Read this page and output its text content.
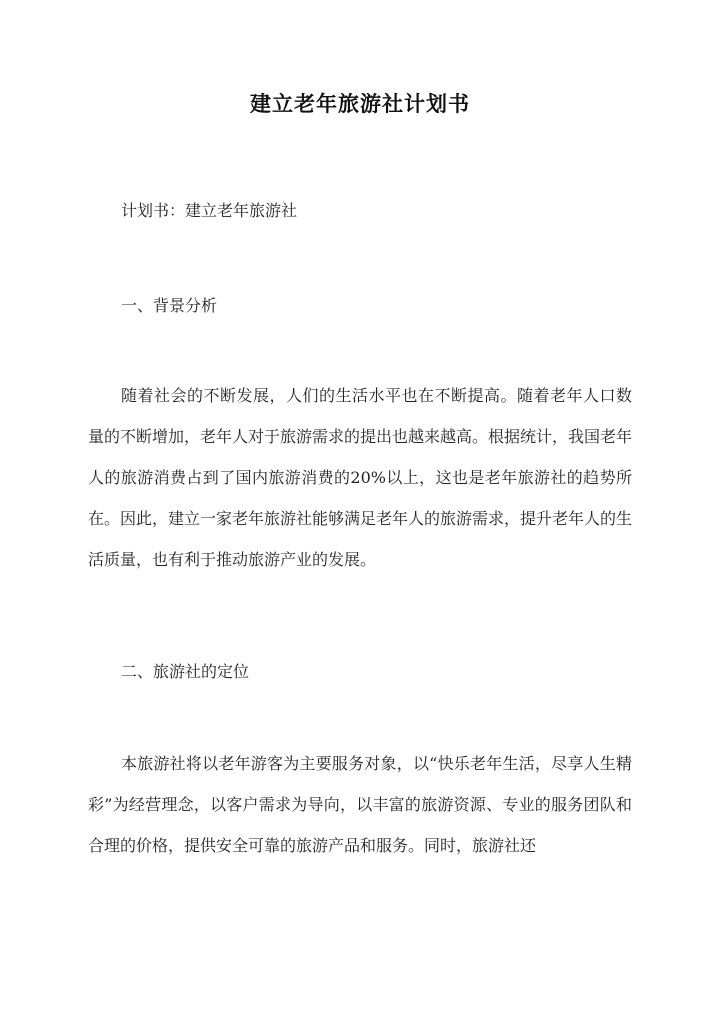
建立老年旅游社计划书
计划书：建立老年旅游社
一、背景分析
随着社会的不断发展，人们的生活水平也在不断提高。随着老年人口数量的不断增加，老年人对于旅游需求的提出也越来越高。根据统计，我国老年人的旅游消费占到了国内旅游消费的20%以上，这也是老年旅游社的趋势所在。因此，建立一家老年旅游社能够满足老年人的旅游需求，提升老年人的生活质量，也有利于推动旅游产业的发展。
二、旅游社的定位
本旅游社将以老年游客为主要服务对象，以“快乐老年生活，尽享人生精彩”为经营理念，以客户需求为导向，以丰富的旅游资源、专业的服务团队和合理的价格，提供安全可靠的旅游产品和服务。同时，旅游社还
